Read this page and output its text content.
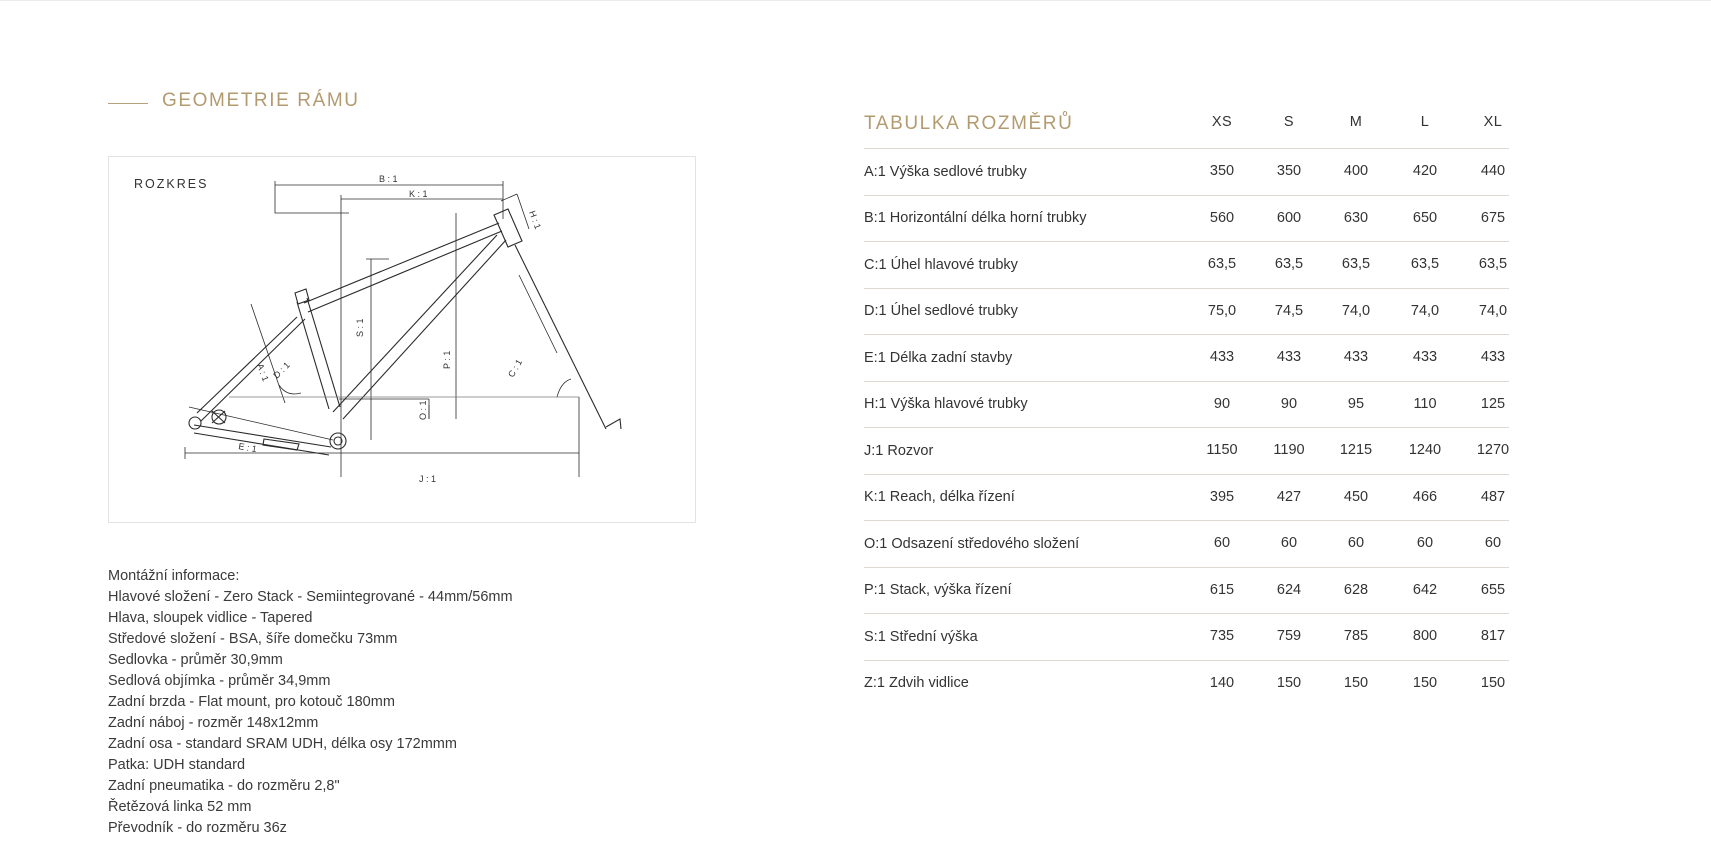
GEOMETRIE RÁMU
ROZKRES	B : 1
K : 1
H : 1
S : 1
A : 1 D : 1
P : 1	C : 1
O : 1
E : 1
J : 1
Montážní informace:
Hlavové složení - Zero Stack - Semiintegrované - 44mm/56mm
Hlava, sloupek vidlice - Tapered
Středové složení - BSA, šíře domečku 73mm
Sedlovka - průměr 30,9mm
Sedlová objímka - průměr 34,9mm
Zadní brzda - Flat mount, pro kotouč 180mm
Zadní náboj - rozměr 148x12mm
Zadní osa - standard SRAM UDH, délka osy 172mmm
Patka: UDH standard
Zadní pneumatika - do rozměru 2,8"
Řetězová linka 52 mm
Převodník - do rozměru 36z
TABULKA ROZMĚRŮ	XS	S	M	L	XL
A:1 Výška sedlové trubky	350	350	400	420	440
B:1 Horizontální délka horní trubky	560	600	630	650	675
C:1 Úhel hlavové trubky	63,5	63,5	63,5	63,5	63,5
D:1 Úhel sedlové trubky	75,0	74,5	74,0	74,0	74,0
E:1 Délka zadní stavby	433	433	433	433	433
H:1 Výška hlavové trubky	90	90	95	110	125
J:1 Rozvor	1150	1190	1215	1240	1270
K:1 Reach, délka řízení	395	427	450	466	487
O:1 Odsazení středového složení	60	60	60	60	60
P:1 Stack, výška řízení	615	624	628	642	655
S:1 Střední výška	735	759	785	800	817
Z:1 Zdvih vidlice	140	150	150	150	150
